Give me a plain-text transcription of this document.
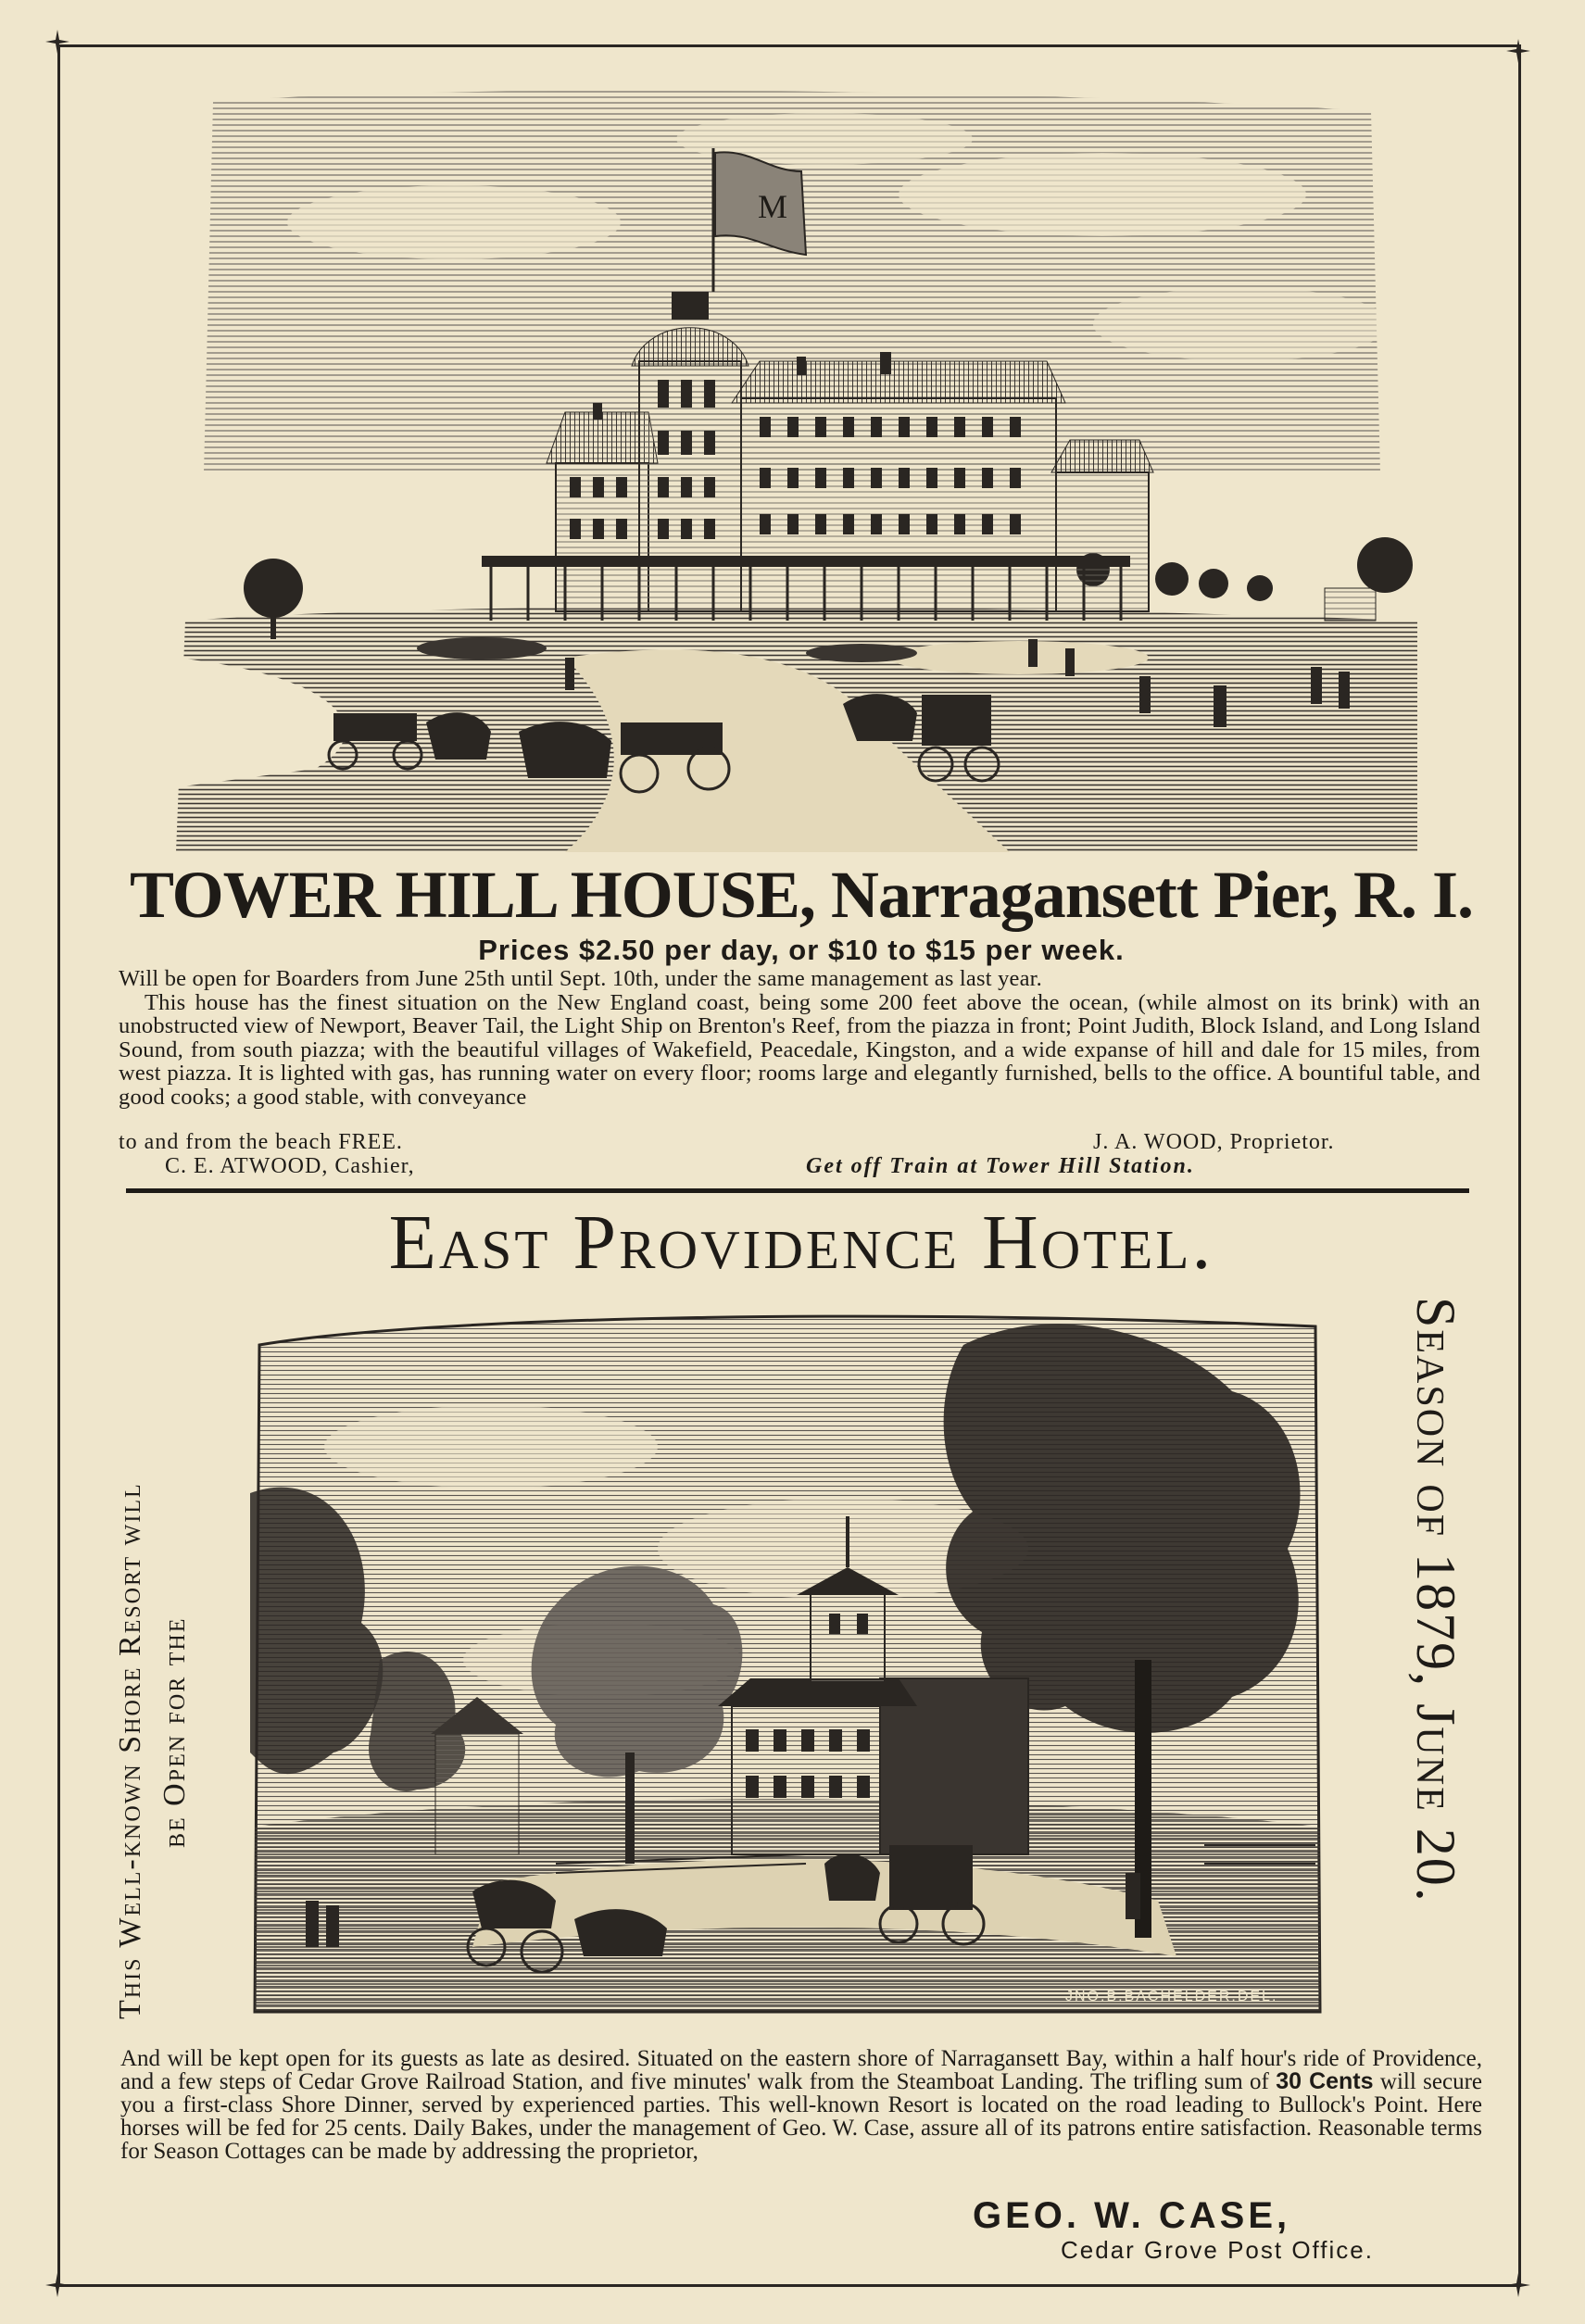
M
TOWER HILL HOUSE, Narragansett Pier, R. I.
Prices $2.50 per day, or $10 to $15 per week.

Will be open for Boarders from June 25th until Sept. 10th, under the same management as last year.

This house has the finest situation on the New England coast, being some 200 feet above the ocean, (while almost on its brink) with an unobstructed view of Newport, Beaver Tail, the Light Ship on Brenton's Reef, from the piazza in front; Point Judith, Block Island, and Long Island Sound, from south piazza; with the beautiful villages of Wakefield, Peacedale, Kingston, and a wide expanse of hill and dale for 15 miles, from west piazza. It is lighted with gas, has running water on every floor; rooms large and elegantly furnished, bells to the office. A bountiful table, and good cooks; a good stable, with conveyance

to and from the beach FREE.	J. A. WOOD, Proprietor.
C. E. ATWOOD, Cashier,	Get off Train at Tower Hill Station.
East Providence Hotel.
This Well-known Shore Resort will be Open for the	Season of 1879, June 20.
JNO.B.BACHELDER.DEL.
And will be kept open for its guests as late as desired. Situated on the eastern shore of Narragansett Bay, within a half hour's ride of Providence, and a few steps of Cedar Grove Railroad Station, and five minutes' walk from the Steamboat Landing. The trifling sum of 30 Cents will secure you a first-class Shore Dinner, served by experienced parties. This well-known Resort is located on the road leading to Bullock's Point. Here horses will be fed for 25 cents. Daily Bakes, under the management of Geo. W. Case, assure all of its patrons entire satisfaction. Reasonable terms for Season Cottages can be made by addressing the proprietor,
GEO. W. CASE,
Cedar Grove Post Office.
